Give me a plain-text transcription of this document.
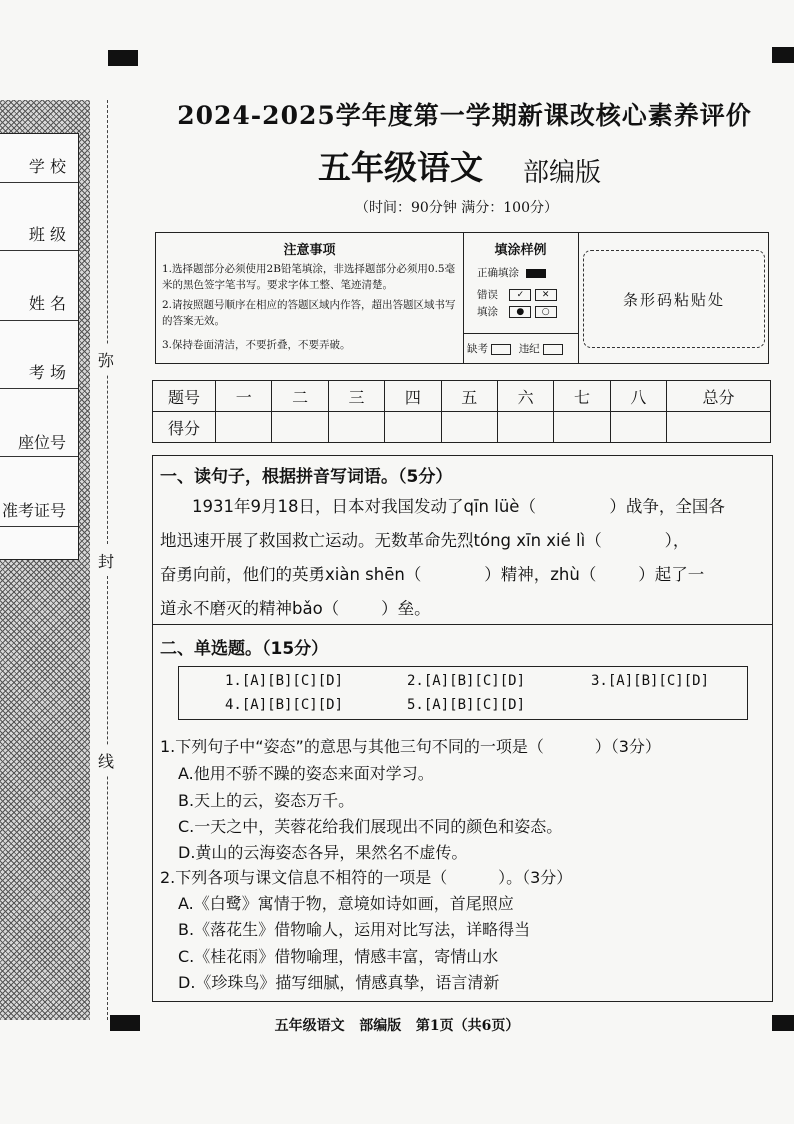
学 校
班 级
姓 名
考 场
座位号
准考证号
弥
封
线
2024-2025学年度第一学期新课改核心素养评价
五年级语文 部编版
（时间：90分钟 满分：100分）
注意事项
1.选择题部分必须使用2B铅笔填涂，非选择题部分必须用0.5毫米的黑色签字笔书写。要求字体工整、笔迹清楚。
2.请按照题号顺序在相应的答题区域内作答，超出答题区域书写的答案无效。
3.保持卷面清洁，不要折叠，不要弄破。
填涂样例
正确填涂
错误 ✓ ✕
填涂 ● ○
缺考	违纪
条形码粘贴处
题号	一	二	三	四	五	六	七	八	总分
得分									
一、读句子，根据拼音写词语。（5分）
1931年9月18日，日本对我国发动了qīn lüè（              ）战争，全国各
地迅速开展了救国救亡运动。无数革命先烈tóng xīn xié lì（            ），
奋勇向前，他们的英勇xiàn shēn（            ）精神，zhù（        ）起了一
道永不磨灭的精神bǎo（        ）垒。
二、单选题。（15分）
1.[A][B][C][D]	2.[A][B][C][D]	3.[A][B][C][D]
4.[A][B][C][D]	5.[A][B][C][D]
1.下列句子中“姿态”的意思与其他三句不同的一项是（          ）（3分）
A.他用不骄不躁的姿态来面对学习。
B.天上的云，姿态万千。
C.一天之中，芙蓉花给我们展现出不同的颜色和姿态。
D.黄山的云海姿态各异，果然名不虚传。
2.下列各项与课文信息不相符的一项是（          ）。（3分）
A.《白鹭》寓情于物，意境如诗如画，首尾照应
B.《落花生》借物喻人，运用对比写法，详略得当
C.《桂花雨》借物喻理，情感丰富，寄情山水
D.《珍珠鸟》描写细腻，情感真挚，语言清新
五年级语文   部编版   第1页（共6页）
